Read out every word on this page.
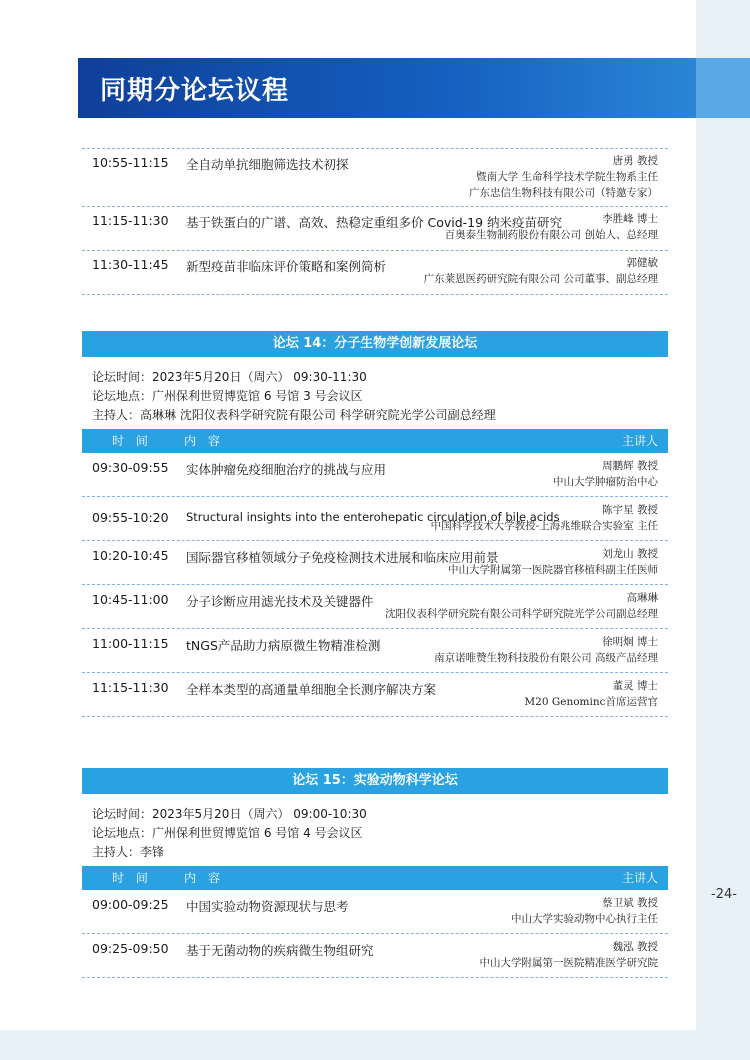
-24-
同期分论坛议程
10:55-11:15 全自动单抗细胞筛选技术初探	唐勇 教授
暨南大学 生命科学技术学院生物系主任
广东忠信生物科技有限公司（特邀专家）
11:15-11:30 基于铁蛋白的广谱、高效、热稳定重组多价 Covid-19 纳米疫苗研究	李胜峰 博士
百奥泰生物制药股份有限公司 创始人、总经理
11:30-11:45 新型疫苗非临床评价策略和案例简析	郭健敏
广东莱恩医药研究院有限公司 公司董事、副总经理
论坛 14：分子生物学创新发展论坛
论坛时间：2023年5月20日（周六） 09:30-11:30
论坛地点：广州保利世贸博览馆 6 号馆 3 号会议区
主持人：高琳琳 沈阳仪表科学研究院有限公司 科学研究院光学公司副总经理
时 间	内 容	主讲人
09:30-09:55 实体肿瘤免疫细胞治疗的挑战与应用	周鹏辉 教授
中山大学肿瘤防治中心
09:55-10:20 Structural insights into the enterohepatic circulation of bile acids	陈宇星 教授
中国科学技术大学教授-上海兆维联合实验室 主任
10:20-10:45 国际器官移植领域分子免疫检测技术进展和临床应用前景	刘龙山 教授
中山大学附属第一医院器官移植科副主任医师
10:45-11:00 分子诊断应用滤光技术及关键器件	高琳琳
沈阳仪表科学研究院有限公司科学研究院光学公司副总经理
11:00-11:15 tNGS产品助力病原微生物精准检测	徐明炯 博士
南京诺唯赞生物科技股份有限公司 高级产品经理
11:15-11:30 全样本类型的高通量单细胞全长测序解决方案	董灵 博士
M20 Genominc首席运营官
论坛 15：实验动物科学论坛
论坛时间：2023年5月20日（周六） 09:00-10:30
论坛地点：广州保利世贸博览馆 6 号馆 4 号会议区
主持人：李锋
时 间	内 容	主讲人
09:00-09:25 中国实验动物资源现状与思考	蔡卫斌 教授
中山大学实验动物中心执行主任
09:25-09:50 基于无菌动物的疾病微生物组研究	魏泓 教授
中山大学附属第一医院精准医学研究院
